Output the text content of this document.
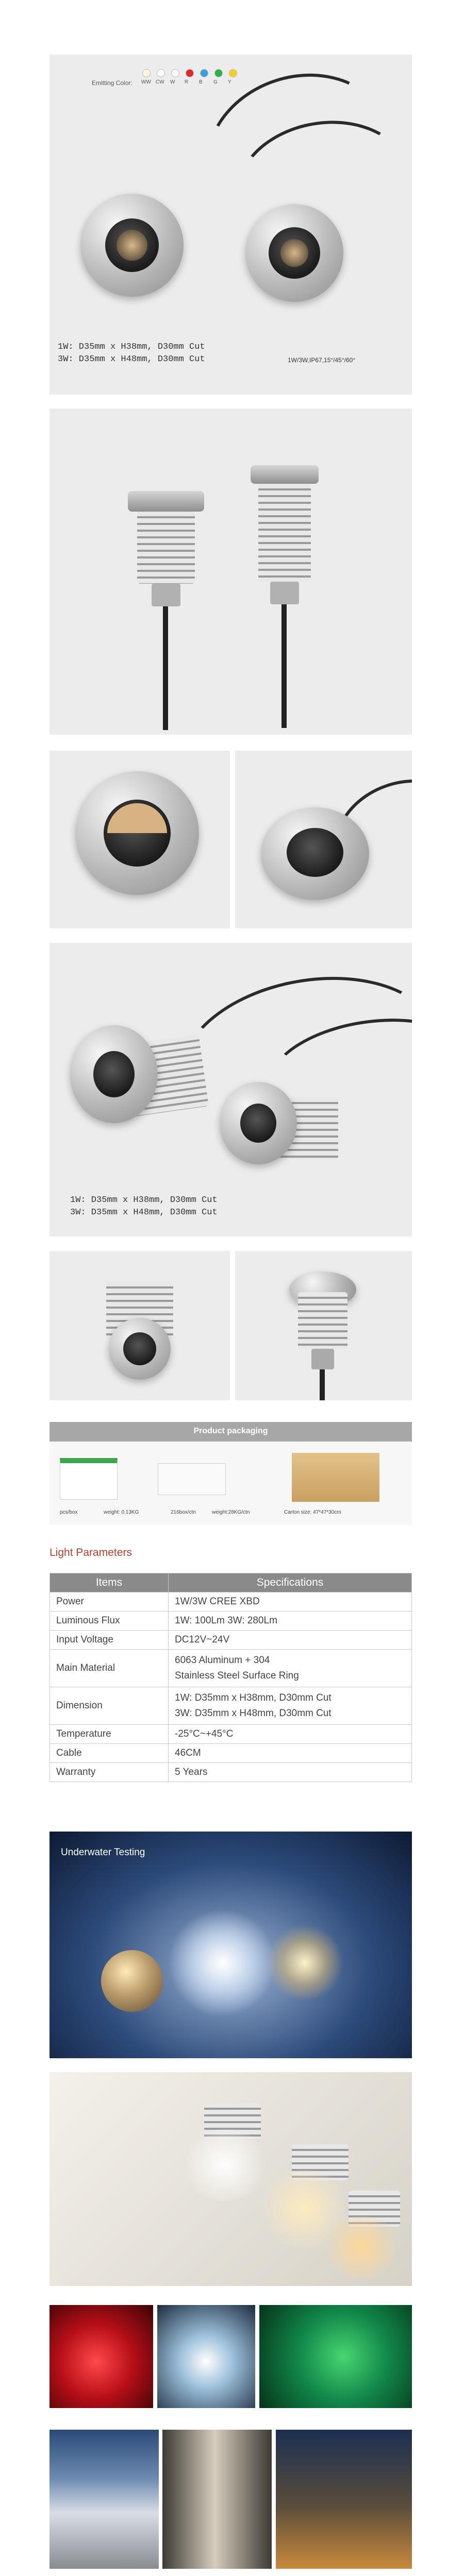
Emitting Color: WW CW W R B G Y
1W: D35mm x H38mm, D30mm Cut
3W: D35mm x H48mm, D30mm Cut	1W/3W,IP67,15°/45°/60°
1W: D35mm x H38mm, D30mm Cut
3W: D35mm x H48mm, D30mm Cut
Product packaging
pcs/box	weight: 0.13KG	216box/ctn	weight:28KG/ctn	Carton size: 47*47*30cm
Light Parameters
Items	Specifications
Power	1W/3W CREE XBD

Luminous Flux	1W: 100Lm 3W: 280Lm

Input Voltage	DC12V~24V

Main Material	6063 Aluminum + 304
Stainless Steel Surface Ring

Dimension	1W: D35mm x H38mm, D30mm Cut
3W: D35mm x H48mm, D30mm Cut

Temperature	-25°C~+45°C

Cable	46CM

Warranty	5 Years
Underwater Testing
